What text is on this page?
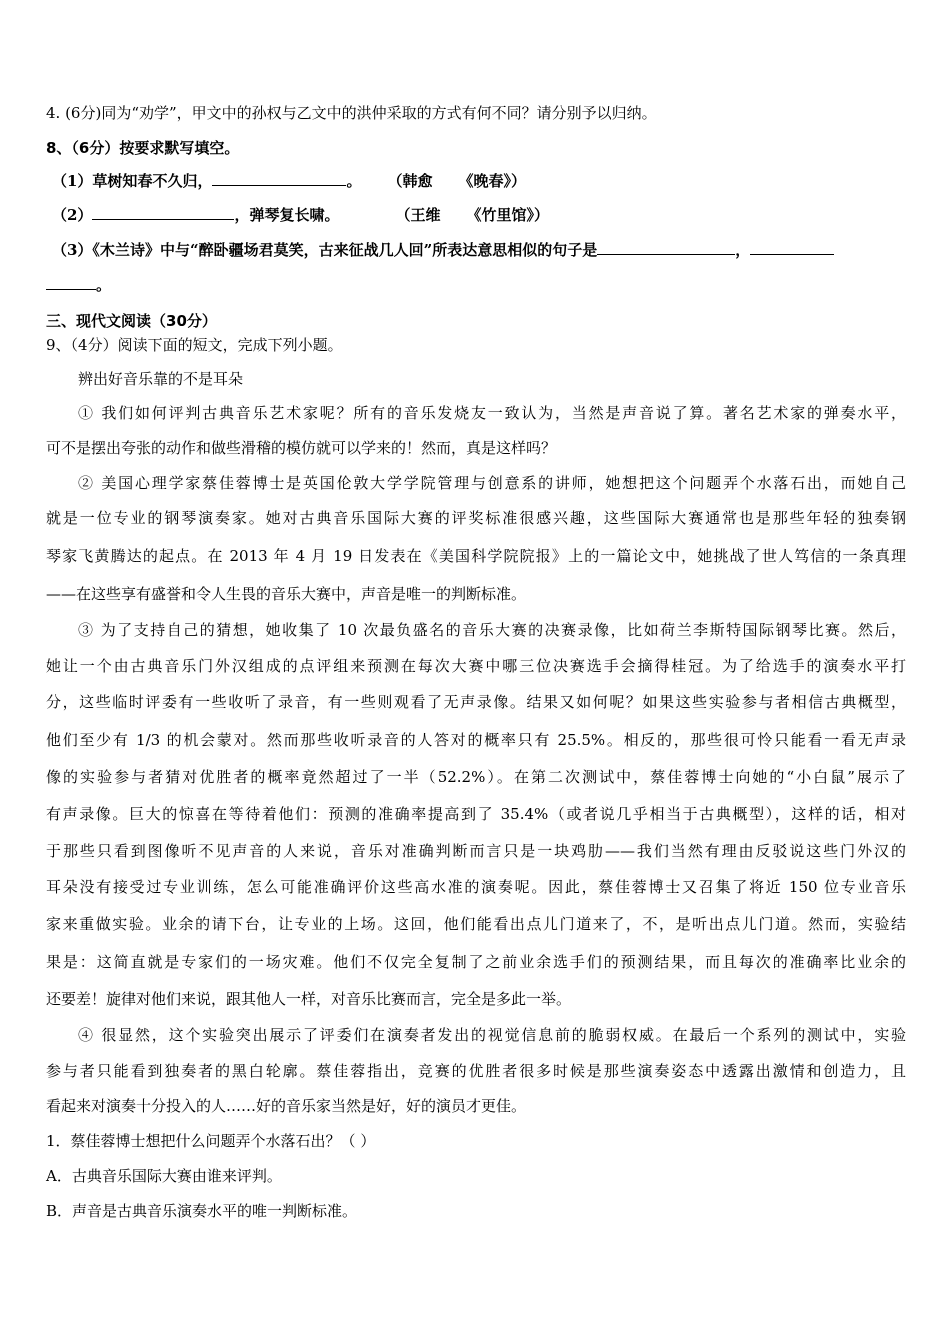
4. (6分)同为“劝学”，甲文中的孙权与乙文中的洪仲采取的方式有何不同？请分别予以归纳。
8、（6分）按要求默写填空。
（1）草树知春不久归，	。 （韩愈 《晚春》）
（2）	，弹琴复长啸。	（王维 《竹里馆》）
（3）《木兰诗》中与“醉卧疆场君莫笑，古来征战几人回”所表达意思相似的句子是	，
。
三、现代文阅读（30分）
9、（4分）阅读下面的短文，完成下列小题。
辨出好音乐靠的不是耳朵
① 我们如何评判古典音乐艺术家呢？所有的音乐发烧友一致认为，当然是声音说了算。著名艺术家的弹奏水平，
可不是摆出夸张的动作和做些滑稽的模仿就可以学来的！然而，真是这样吗？
② 美国心理学家蔡佳蓉博士是英国伦敦大学学院管理与创意系的讲师，她想把这个问题弄个水落石出，而她自己
就是一位专业的钢琴演奏家。她对古典音乐国际大赛的评奖标准很感兴趣，这些国际大赛通常也是那些年轻的独奏钢
琴家飞黄腾达的起点。在 2013 年 4 月 19 日发表在《美国科学院院报》上的一篇论文中，她挑战了世人笃信的一条真理
——在这些享有盛誉和令人生畏的音乐大赛中，声音是唯一的判断标准。
③ 为了支持自己的猜想，她收集了 10 次最负盛名的音乐大赛的决赛录像，比如荷兰李斯特国际钢琴比赛。然后，
她让一个由古典音乐门外汉组成的点评组来预测在每次大赛中哪三位决赛选手会摘得桂冠。为了给选手的演奏水平打
分，这些临时评委有一些收听了录音，有一些则观看了无声录像。结果又如何呢？如果这些实验参与者相信古典概型，
他们至少有 1/3 的机会蒙对。然而那些收听录音的人答对的概率只有 25.5%。相反的，那些很可怜只能看一看无声录
像的实验参与者猜对优胜者的概率竟然超过了一半（52.2%）。在第二次测试中，蔡佳蓉博士向她的“小白鼠”展示了
有声录像。巨大的惊喜在等待着他们：预测的准确率提高到了 35.4%（或者说几乎相当于古典概型），这样的话，相对
于那些只看到图像听不见声音的人来说，音乐对准确判断而言只是一块鸡肋——我们当然有理由反驳说这些门外汉的
耳朵没有接受过专业训练，怎么可能准确评价这些高水准的演奏呢。因此，蔡佳蓉博士又召集了将近 150 位专业音乐
家来重做实验。业余的请下台，让专业的上场。这回，他们能看出点儿门道来了，不，是听出点儿门道。然而，实验结
果是：这简直就是专家们的一场灾难。他们不仅完全复制了之前业余选手们的预测结果，而且每次的准确率比业余的
还要差！旋律对他们来说，跟其他人一样，对音乐比赛而言，完全是多此一举。
④ 很显然，这个实验突出展示了评委们在演奏者发出的视觉信息前的脆弱权威。在最后一个系列的测试中，实验
参与者只能看到独奏者的黑白轮廓。蔡佳蓉指出，竞赛的优胜者很多时候是那些演奏姿态中透露出激情和创造力，且
看起来对演奏十分投入的人……好的音乐家当然是好，好的演员才更佳。
1．蔡佳蓉博士想把什么问题弄个水落石出？（ ）
A．古典音乐国际大赛由谁来评判。
B．声音是古典音乐演奏水平的唯一判断标准。
